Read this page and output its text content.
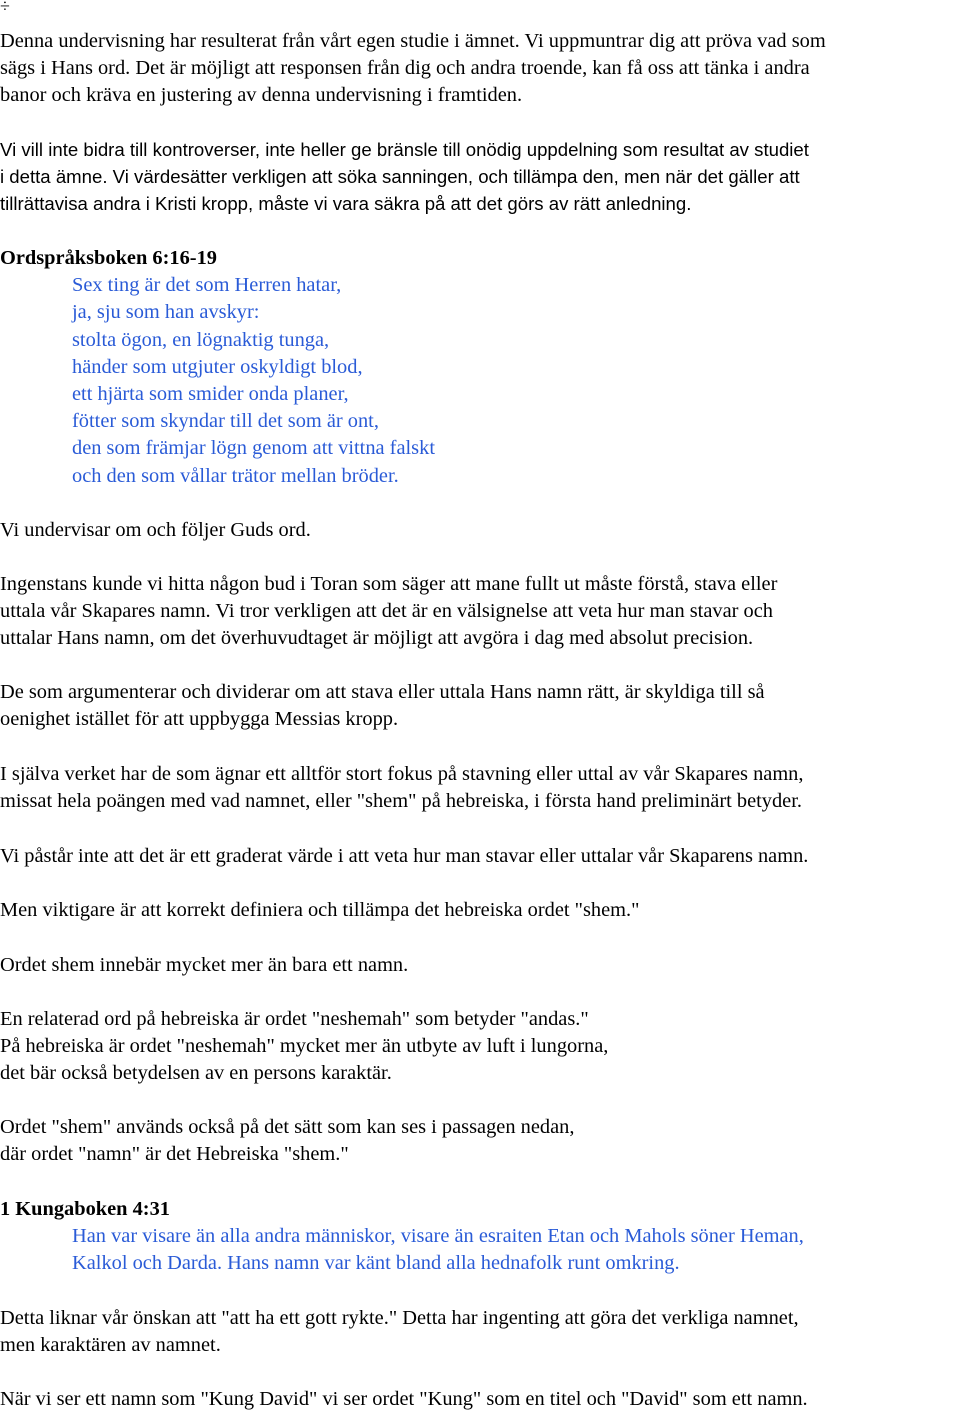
÷
Denna undervisning har resulterat från vårt egen studie i ämnet. Vi uppmuntrar dig att pröva vad som
sägs i Hans ord. Det är möjligt att responsen från dig och andra troende, kan få oss att tänka i andra
banor och kräva en justering av denna undervisning i framtiden.
Vi vill inte bidra till kontroverser, inte heller ge bränsle till onödig uppdelning som resultat av studiet
i detta ämne. Vi värdesätter verkligen att söka sanningen, och tillämpa den, men när det gäller att
tillrättavisa andra i Kristi kropp, måste vi vara säkra på att det görs av rätt anledning.
Ordspråksboken 6:16-19
Sex ting är det som Herren hatar,
ja, sju som han avskyr:
stolta ögon, en lögnaktig tunga,
händer som utgjuter oskyldigt blod,
ett hjärta som smider onda planer,
fötter som skyndar till det som är ont,
den som främjar lögn genom att vittna falskt
och den som vållar trätor mellan bröder.
Vi undervisar om och följer Guds ord.
Ingenstans kunde vi hitta någon bud i Toran som säger att mane fullt ut måste förstå, stava eller
uttala vår Skapares namn. Vi tror verkligen att det är en välsignelse att veta hur man stavar och
uttalar Hans namn, om det överhuvudtaget är möjligt att avgöra i dag med absolut precision.
De som argumenterar och dividerar om att stava eller uttala Hans namn rätt, är skyldiga till så
oenighet istället för att uppbygga Messias kropp.
I själva verket har de som ägnar ett alltför stort fokus på stavning eller uttal av vår Skapares namn,
missat hela poängen med vad namnet, eller "shem" på hebreiska, i första hand preliminärt betyder.
Vi påstår inte att det är ett graderat värde i att veta hur man stavar eller uttalar vår Skaparens namn.
Men viktigare är att korrekt definiera och tillämpa det hebreiska ordet "shem."
Ordet shem innebär mycket mer än bara ett namn.
En relaterad ord på hebreiska är ordet "neshemah" som betyder "andas."
På hebreiska är ordet "neshemah" mycket mer än utbyte av luft i lungorna,
det bär också betydelsen av en persons karaktär.
Ordet "shem" används också på det sätt som kan ses i passagen nedan,
där ordet "namn" är det Hebreiska "shem."
1 Kungaboken 4:31
Han var visare än alla andra människor, visare än esraiten Etan och Mahols söner Heman,
Kalkol och Darda. Hans namn var känt bland alla hednafolk runt omkring.
Detta liknar vår önskan att "att ha ett gott rykte." Detta har ingenting att göra det verkliga namnet,
men karaktären av namnet.
När vi ser ett namn som "Kung David" vi ser ordet "Kung" som en titel och "David" som ett namn.
